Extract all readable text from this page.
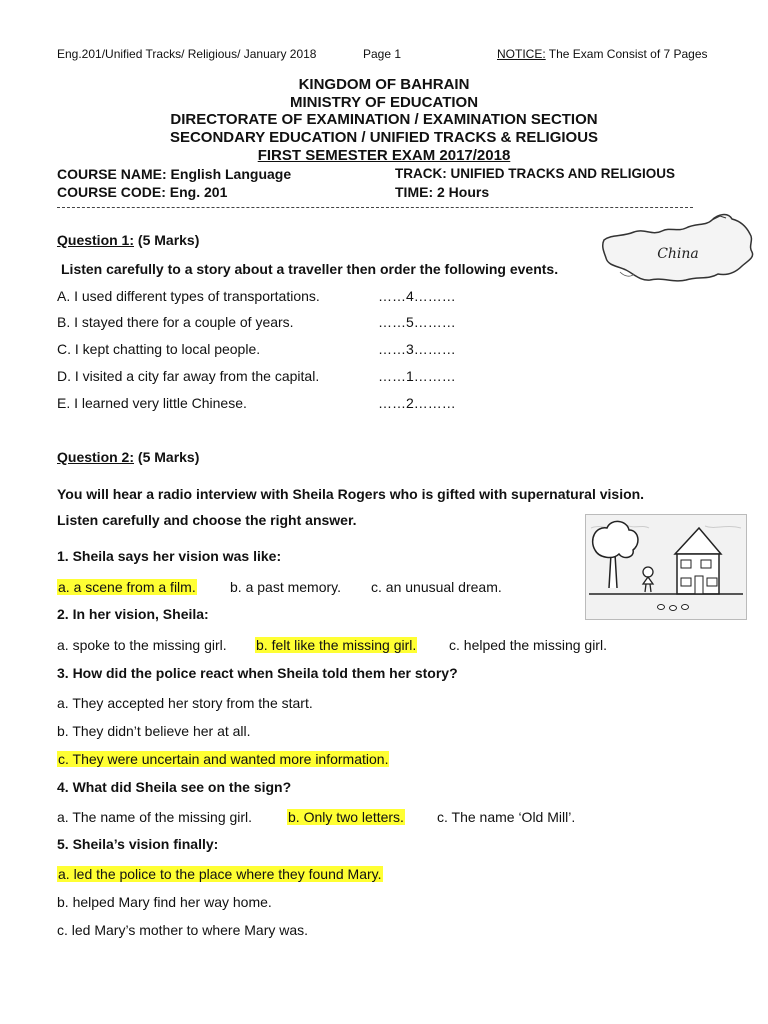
Eng.201/Unified Tracks/ Religious/ January 2018	Page 1	NOTICE: The Exam Consist of 7 Pages
KINGDOM OF BAHRAIN
MINISTRY OF EDUCATION
DIRECTORATE OF EXAMINATION / EXAMINATION SECTION
SECONDARY EDUCATION / UNIFIED TRACKS & RELIGIOUS
FIRST SEMESTER EXAM 2017/2018
COURSE NAME: English Language	TRACK: UNIFIED TRACKS AND RELIGIOUS
COURSE CODE: Eng. 201	TIME: 2 Hours
Question 1: (5 Marks)
Listen carefully to a story about a traveller then order the following events.
China
A. I used different types of transportations.	……4………
B. I stayed there for a couple of years.	……5………
C. I kept chatting to local people.	……3………
D. I visited a city far away from the capital.	……1………
E. I learned very little Chinese.	……2………
Question 2: (5 Marks)
You will hear a radio interview with Sheila Rogers who is gifted with supernatural vision.
Listen carefully and choose the right answer.
1. Sheila says her vision was like:
a. a scene from a film. b. a past memory. c. an unusual dream.
2. In her vision, Sheila:
a. spoke to the missing girl. b. felt like the missing girl. c. helped the missing girl.
3. How did the police react when Sheila told them her story?
a. They accepted her story from the start.
b. They didn’t believe her at all.
c. They were uncertain and wanted more information.
4. What did Sheila see on the sign?
a. The name of the missing girl.	b. Only two letters. c. The name ‘Old Mill’.
5. Sheila’s vision finally:
a. led the police to the place where they found Mary.
b. helped Mary find her way home.
c. led Mary’s mother to where Mary was.
